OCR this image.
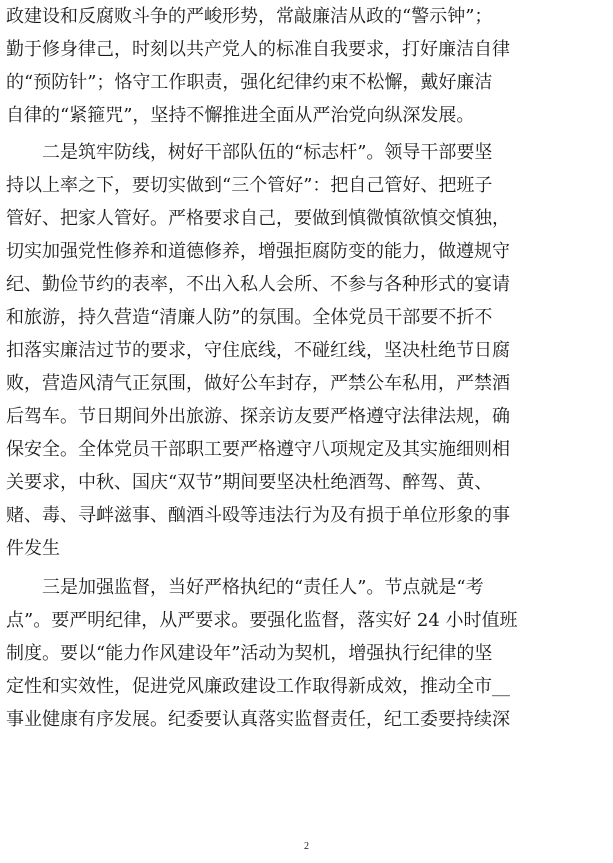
政建设和反腐败斗争的严峻形势，常敲廉洁从政的“警示钟”；
勤于修身律己，时刻以共产党人的标准自我要求，打好廉洁自律
的“预防针”；恪守工作职责，强化纪律约束不松懈，戴好廉洁
自律的“紧箍咒”，坚持不懈推进全面从严治党向纵深发展。
二是筑牢防线，树好干部队伍的“标志杆”。领导干部要坚
持以上率之下，要切实做到“三个管好”：把自己管好、把班子
管好、把家人管好。严格要求自己，要做到慎微慎欲慎交慎独，
切实加强党性修养和道德修养，增强拒腐防变的能力，做遵规守
纪、勤俭节约的表率，不出入私人会所、不参与各种形式的宴请
和旅游，持久营造“清廉人防”的氛围。全体党员干部要不折不
扣落实廉洁过节的要求，守住底线，不碰红线，坚决杜绝节日腐
败，营造风清气正氛围，做好公车封存，严禁公车私用，严禁酒
后驾车。节日期间外出旅游、探亲访友要严格遵守法律法规，确
保安全。全体党员干部职工要严格遵守八项规定及其实施细则相
关要求，中秋、国庆“双节”期间要坚决杜绝酒驾、醉驾、黄、
赌、毒、寻衅滋事、酗酒斗殴等违法行为及有损于单位形象的事
件发生
三是加强监督，当好严格执纪的“责任人”。节点就是“考
点”。要严明纪律，从严要求。要强化监督，落实好 24 小时值班
制度。要以“能力作风建设年”活动为契机，增强执行纪律的坚
定性和实效性，促进党风廉政建设工作取得新成效，推动全市__
事业健康有序发展。纪委要认真落实监督责任，纪工委要持续深
2
